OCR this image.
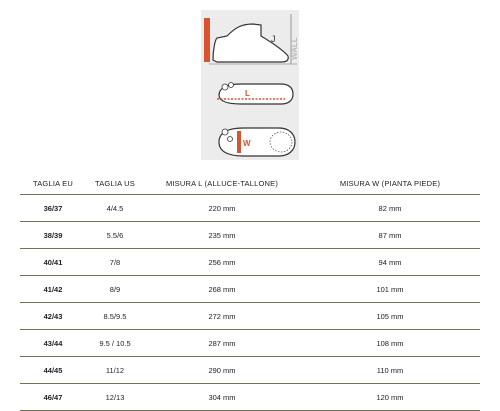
J WALL
L
W
TAGLIA EU	TAGLIA US	MISURA L (ALLUCE-TALLONE)	MISURA W (PIANTA PIEDE)
36/37	4/4.5	220 mm	82 mm
38/39	5.5/6	235 mm	87 mm
40/41	7/8	256 mm	94 mm
41/42	8/9	268 mm	101 mm
42/43	8.5/9.5	272 mm	105 mm
43/44	9.5 / 10.5	287 mm	108 mm
44/45	11/12	290 mm	110 mm
46/47	12/13	304 mm	120 mm
